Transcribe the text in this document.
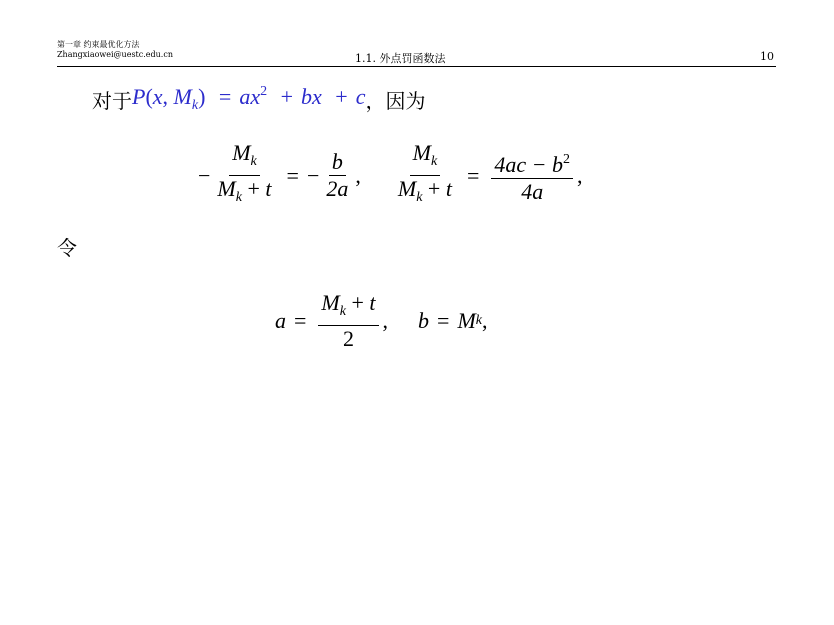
第一章 约束最优化方法
Zhangxiaowei@uestc.edu.cn	1.1. 外点罚函数法	10
对于 P(x, $M_k) = ax^2$ + bx + c ，因为
− $\frac{M_k}{M_k + t}$ = − $\frac{b}{2a}$ , $\frac{M_k}{M_k + t} = \frac{4ac - b^2}{4a}$ ,
令
$a = \frac{M_k + t}{2}$ , b = M k ,
